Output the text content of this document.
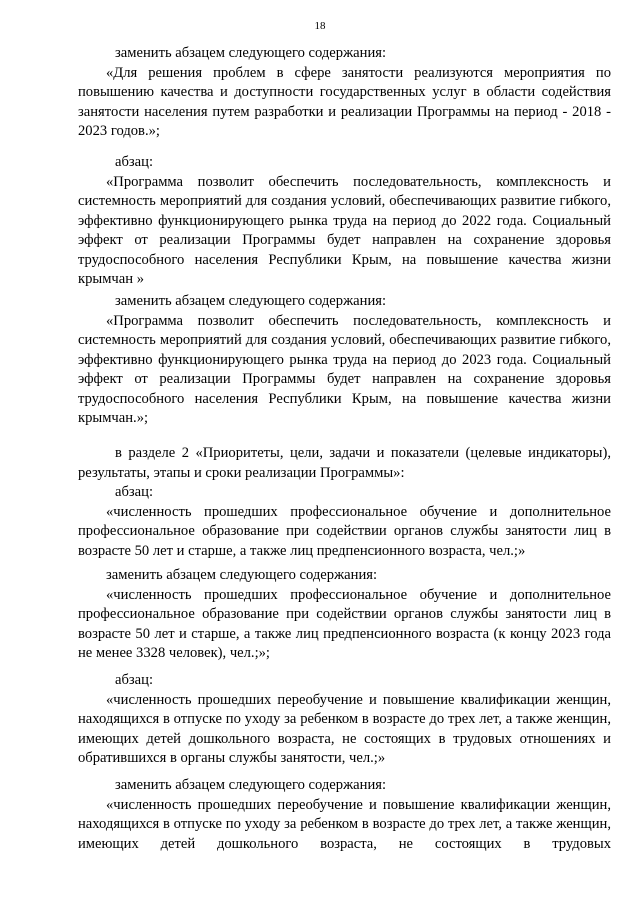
18

заменить абзацем следующего содержания:

«Для решения проблем в сфере занятости реализуются мероприятия по повышению качества и доступности государственных услуг в области содействия занятости населения путем разработки и реализации Программы на период - 2018 - 2023 годов.»;

абзац:

«Программа позволит обеспечить последовательность, комплексность и системность мероприятий для создания условий, обеспечивающих развитие гибкого, эффективно функционирующего рынка труда на период до 2022 года. Социальный эффект от реализации Программы будет направлен на сохранение здоровья трудоспособного населения Республики Крым, на повышение качества жизни крымчан »

заменить абзацем следующего содержания:

«Программа позволит обеспечить последовательность, комплексность и системность мероприятий для создания условий, обеспечивающих развитие гибкого, эффективно функционирующего рынка труда на период до 2023 года. Социальный эффект от реализации Программы будет направлен на сохранение здоровья трудоспособного населения Республики Крым, на повышение качества жизни крымчан.»;

в разделе 2 «Приоритеты, цели, задачи и показатели (целевые индикаторы), результаты, этапы и сроки реализации Программы»:

абзац:

«численность прошедших профессиональное обучение и дополнительное профессиональное образование при содействии органов службы занятости лиц в возрасте 50 лет и старше, а также лиц предпенсионного возраста, чел.;»

заменить абзацем следующего содержания:

«численность прошедших профессиональное обучение и дополнительное профессиональное образование при содействии органов службы занятости лиц в возрасте 50 лет и старше, а также лиц предпенсионного возраста (к концу 2023 года не менее 3328 человек), чел.;»;

абзац:

«численность прошедших переобучение и повышение квалификации женщин, находящихся в отпуске по уходу за ребенком в возрасте до трех лет, а также женщин, имеющих детей дошкольного возраста, не состоящих в трудовых отношениях и обратившихся в органы службы занятости, чел.;»

заменить абзацем следующего содержания:

«численность прошедших переобучение и повышение квалификации женщин, находящихся в отпуске по уходу за ребенком в возрасте до трех лет, а также женщин, имеющих детей дошкольного возраста, не состоящих в трудовых
